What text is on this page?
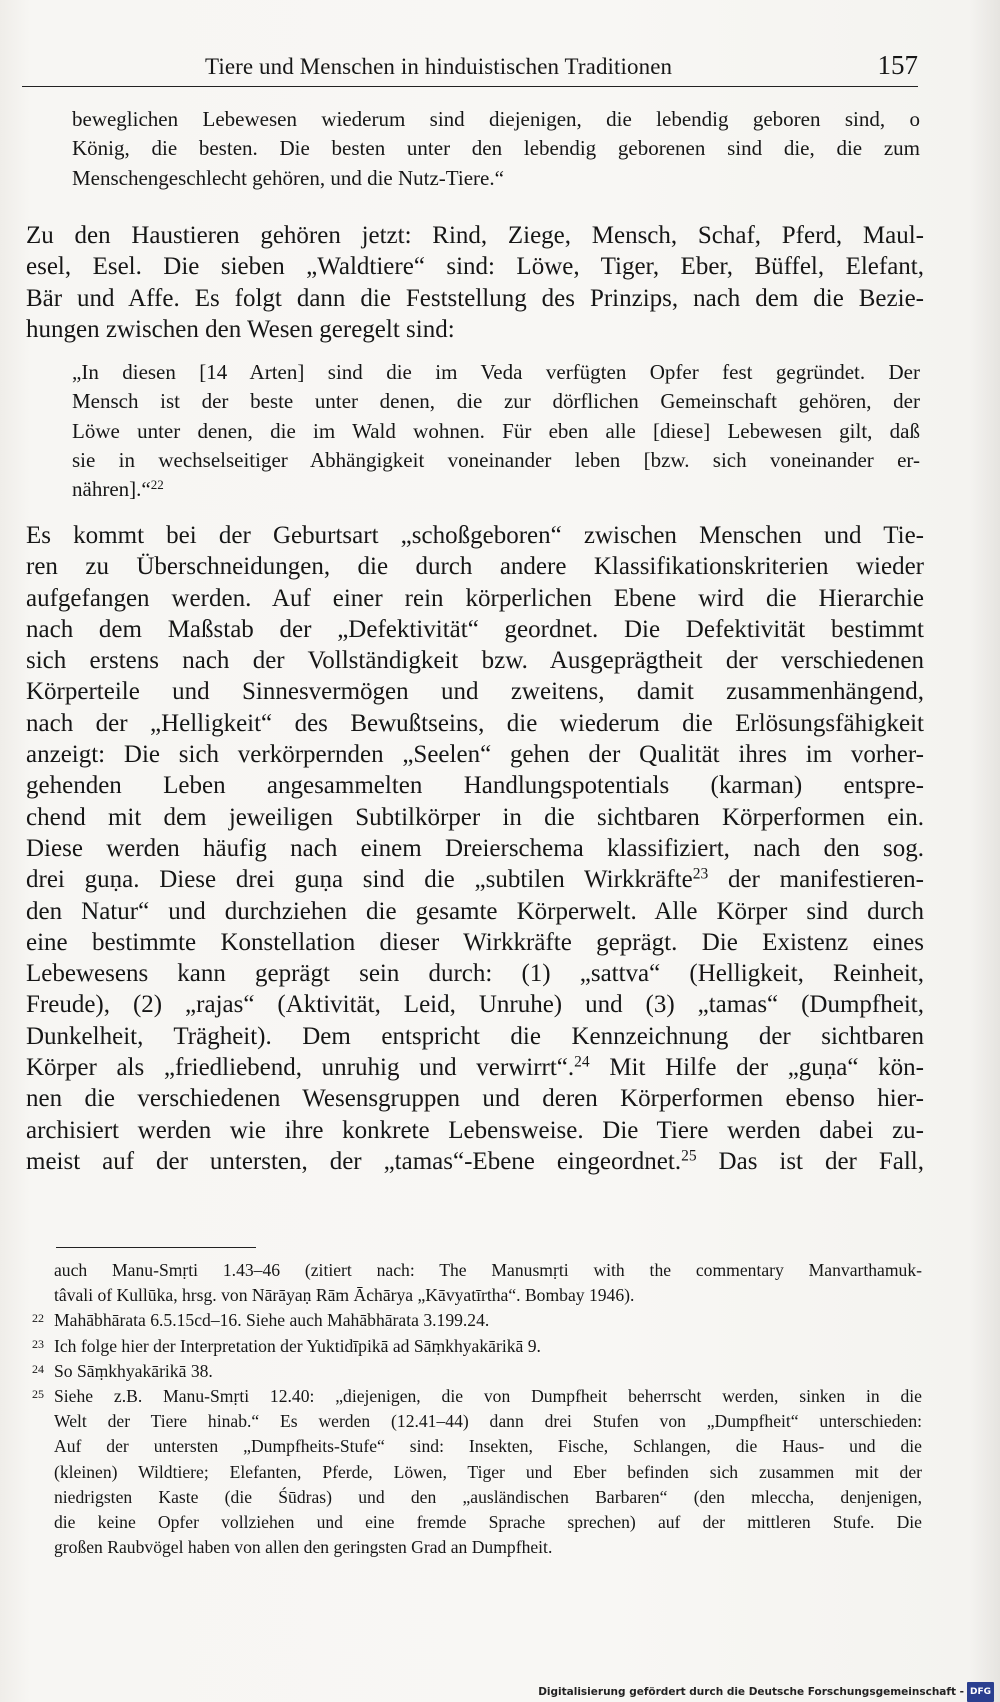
Tiere und Menschen in hinduistischen Traditionen	157
beweglichen Lebewesen wiederum sind diejenigen, die lebendig geboren sind, o
König, die besten. Die besten unter den lebendig geborenen sind die, die zum
Menschengeschlecht gehören, und die Nutz-Tiere.“
Zu den Haustieren gehören jetzt: Rind, Ziege, Mensch, Schaf, Pferd, Maul-
esel, Esel. Die sieben „Waldtiere“ sind: Löwe, Tiger, Eber, Büffel, Elefant,
Bär und Affe. Es folgt dann die Feststellung des Prinzips, nach dem die Bezie-
hungen zwischen den Wesen geregelt sind:
„In diesen [14 Arten] sind die im Veda verfügten Opfer fest gegründet. Der
Mensch ist der beste unter denen, die zur dörflichen Gemeinschaft gehören, der
Löwe unter denen, die im Wald wohnen. Für eben alle [diese] Lebewesen gilt, daß
sie in wechselseitiger Abhängigkeit voneinander leben [bzw. sich voneinander er-
nähren].“$^{22}$
Es kommt bei der Geburtsart „schoßgeboren“ zwischen Menschen und Tie-
ren zu Überschneidungen, die durch andere Klassifikationskriterien wieder
aufgefangen werden. Auf einer rein körperlichen Ebene wird die Hierarchie
nach dem Maßstab der „Defektivität“ geordnet. Die Defektivität bestimmt
sich erstens nach der Vollständigkeit bzw. Ausgeprägtheit der verschiedenen
Körperteile und Sinnesvermögen und zweitens, damit zusammenhängend,
nach der „Helligkeit“ des Bewußtseins, die wiederum die Erlösungsfähigkeit
anzeigt: Die sich verkörpernden „Seelen“ gehen der Qualität ihres im vorher-
gehenden Leben angesammelten Handlungspotentials (karman) entspre-
chend mit dem jeweiligen Subtilkörper in die sichtbaren Körperformen ein.
Diese werden häufig nach einem Dreierschema klassifiziert, nach den sog.
drei guṇa. Diese drei guṇa sind die „subtilen Wirkkräfte$^{23}$ der manifestieren-
den Natur“ und durchziehen die gesamte Körperwelt. Alle Körper sind durch
eine bestimmte Konstellation dieser Wirkkräfte geprägt. Die Existenz eines
Lebewesens kann geprägt sein durch: (1) „sattva“ (Helligkeit, Reinheit,
Freude), (2) „rajas“ (Aktivität, Leid, Unruhe) und (3) „tamas“ (Dumpfheit,
Dunkelheit, Trägheit). Dem entspricht die Kennzeichnung der sichtbaren
Körper als „friedliebend, unruhig und verwirrt“.$^{24}$ Mit Hilfe der „guṇa“ kön-
nen die verschiedenen Wesensgruppen und deren Körperformen ebenso hier-
archisiert werden wie ihre konkrete Lebensweise. Die Tiere werden dabei zu-
meist auf der untersten, der „tamas“-Ebene eingeordnet.$^{25}$ Das ist der Fall,
auch Manu-Smṛti 1.43–46 (zitiert nach: The Manusmṛti with the commentary Manvarthamuk-
tâvali of Kullūka, hrsg. von Nārāyaṇ Rām Āchārya „Kāvyatīrtha“. Bombay 1946).
22 Mahābhārata 6.5.15cd–16. Siehe auch Mahābhārata 3.199.24.
23 Ich folge hier der Interpretation der Yuktidīpikā ad Sāṃkhyakārikā 9.
24 So Sāṃkhyakārikā 38.
25 Siehe z.B. Manu-Smṛti 12.40: „diejenigen, die von Dumpfheit beherrscht werden, sinken in die
Welt der Tiere hinab.“ Es werden (12.41–44) dann drei Stufen von „Dumpfheit“ unterschieden:
Auf der untersten „Dumpfheits-Stufe“ sind: Insekten, Fische, Schlangen, die Haus- und die
(kleinen) Wildtiere; Elefanten, Pferde, Löwen, Tiger und Eber befinden sich zusammen mit der
niedrigsten Kaste (die Śūdras) und den „ausländischen Barbaren“ (den mleccha, denjenigen,
die keine Opfer vollziehen und eine fremde Sprache sprechen) auf der mittleren Stufe. Die
großen Raubvögel haben von allen den geringsten Grad an Dumpfheit.
Digitalisierung gefördert durch die Deutsche Forschungsgemeinschaft - DFG
